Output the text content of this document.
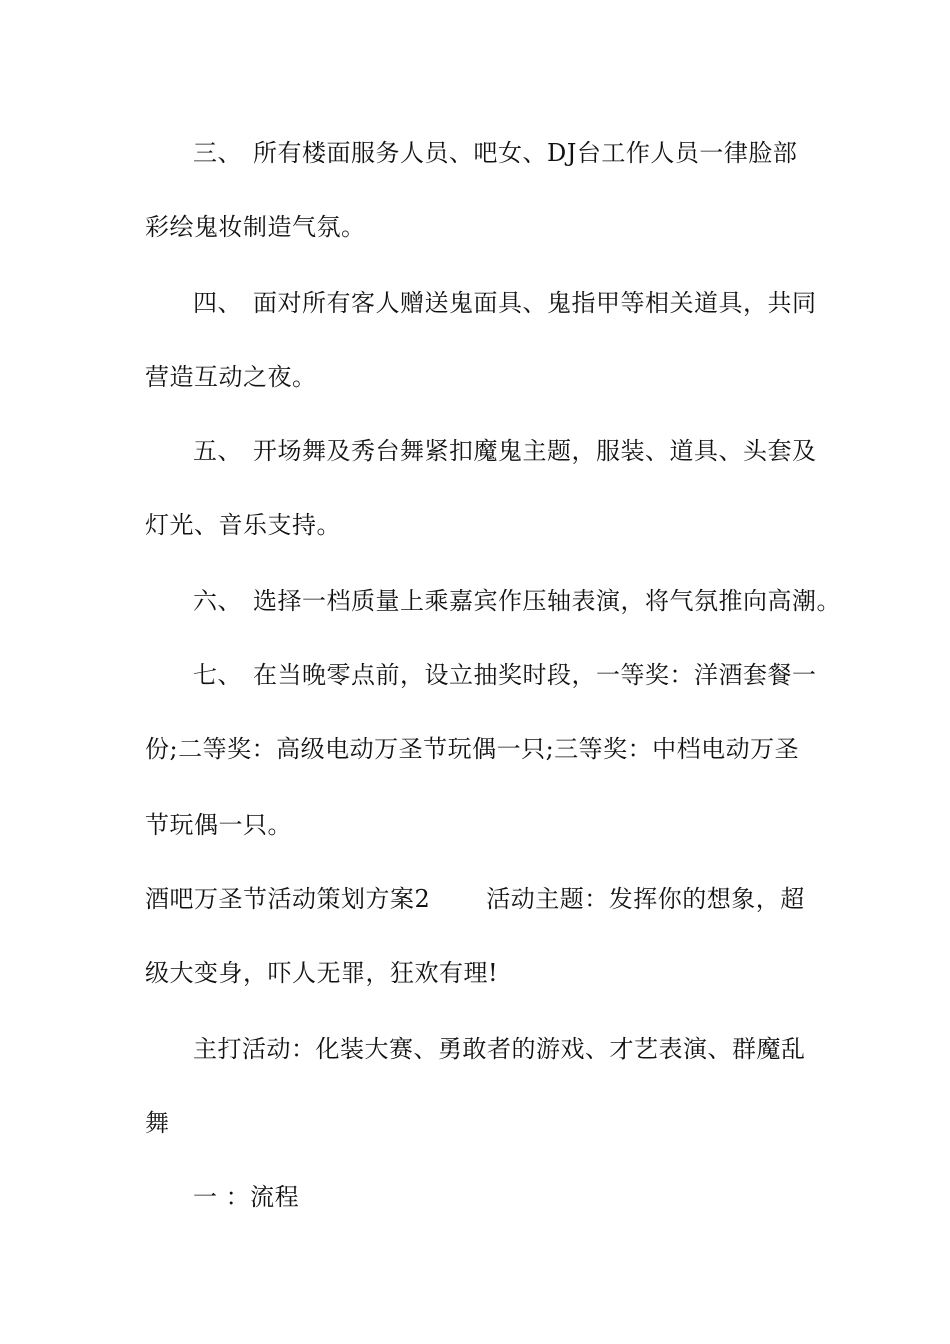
三、 所有楼面服务人员、吧女、DJ台工作人员一律脸部
彩绘鬼妆制造气氛。
四、 面对所有客人赠送鬼面具、鬼指甲等相关道具，共同
营造互动之夜。
五、 开场舞及秀台舞紧扣魔鬼主题，服装、道具、头套及
灯光、音乐支持。
六、 选择一档质量上乘嘉宾作压轴表演，将气氛推向高潮。
七、 在当晚零点前，设立抽奖时段，一等奖：洋酒套餐一
份;二等奖：高级电动万圣节玩偶一只;三等奖：中档电动万圣
节玩偶一只。
酒吧万圣节活动策划方案2 活动主题：发挥你的想象，超
级大变身，吓人无罪，狂欢有理!
主打活动：化装大赛、勇敢者的游戏、才艺表演、群魔乱
舞
一 ：流程
